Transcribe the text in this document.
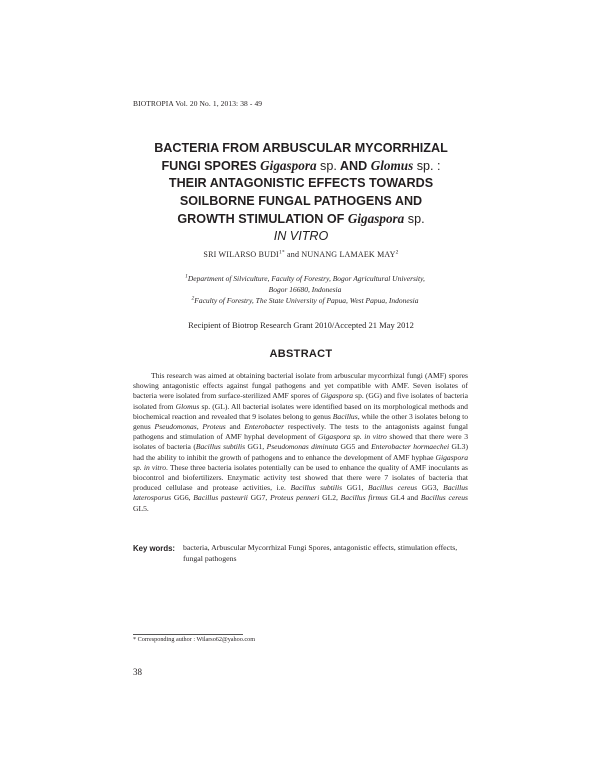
BIOTROPIA Vol. 20 No. 1, 2013: 38 - 49
BACTERIA FROM ARBUSCULAR MYCORRHIZAL
FUNGI SPORES Gigaspora sp. AND Glomus sp. :
THEIR ANTAGONISTIC EFFECTS TOWARDS
SOILBORNE FUNGAL PATHOGENS AND
GROWTH STIMULATION OF Gigaspora sp.
IN VITRO
SRI WILARSO $BUDI^{1*}$ and NUNANG LAMAEK MAY$^2$
$^1$Department of Silviculture, Faculty of Forestry, Bogor Agricultural University, Bogor 16680, Indonesia
$^2$Faculty of Forestry, The State University of Papua, West Papua, Indonesia
Recipient of Biotrop Research Grant 2010/Accepted 21 May 2012
ABSTRACT
This research was aimed at obtaining bacterial isolate from arbuscular mycorrhizal fungi (AMF) spores showing antagonistic effects against fungal pathogens and yet compatible with AMF. Seven isolates of bacteria were isolated from surface-sterilized AMF spores of Gigaspora sp. (GG) and five isolates of bacteria isolated from Glomus sp. (GL). All bacterial isolates were identified based on its morphological methods and biochemical reaction and revealed that 9 isolates belong to genus Bacillus, while the other 3 isolates belong to genus Pseudomonas, Proteus and Enterobacter respectively. The tests to the antagonists against fungal pathogens and stimulation of AMF hyphal development of Gigaspora sp. in vitro showed that there were 3 isolates of bacteria (Bacillus subtilis GG1, Pseudomonas diminuta GG5 and Enterobacter hormaechei GL3) had the ability to inhibit the growth of pathogens and to enhance the development of AMF hyphae Gigaspora sp. in vitro. These three bacteria isolates potentially can be used to enhance the quality of AMF inoculants as biocontrol and biofertilizers. Enzymatic activity test showed that there were 7 isolates of bacteria that produced cellulase and protease activities, i.e. Bacillus subtilis GG1, Bacillus cereus GG3, Bacillus laterosporus GG6, Bacillus pasteurii GG7, Proteus penneri GL2, Bacillus firmus GL4 and Bacillus cereus GL5.
Key words: bacteria, Arbuscular Mycorrhizal Fungi Spores, antagonistic effects, stimulation effects, fungal pathogens
* Corresponding author : Wilarso62@yahoo.com
38
